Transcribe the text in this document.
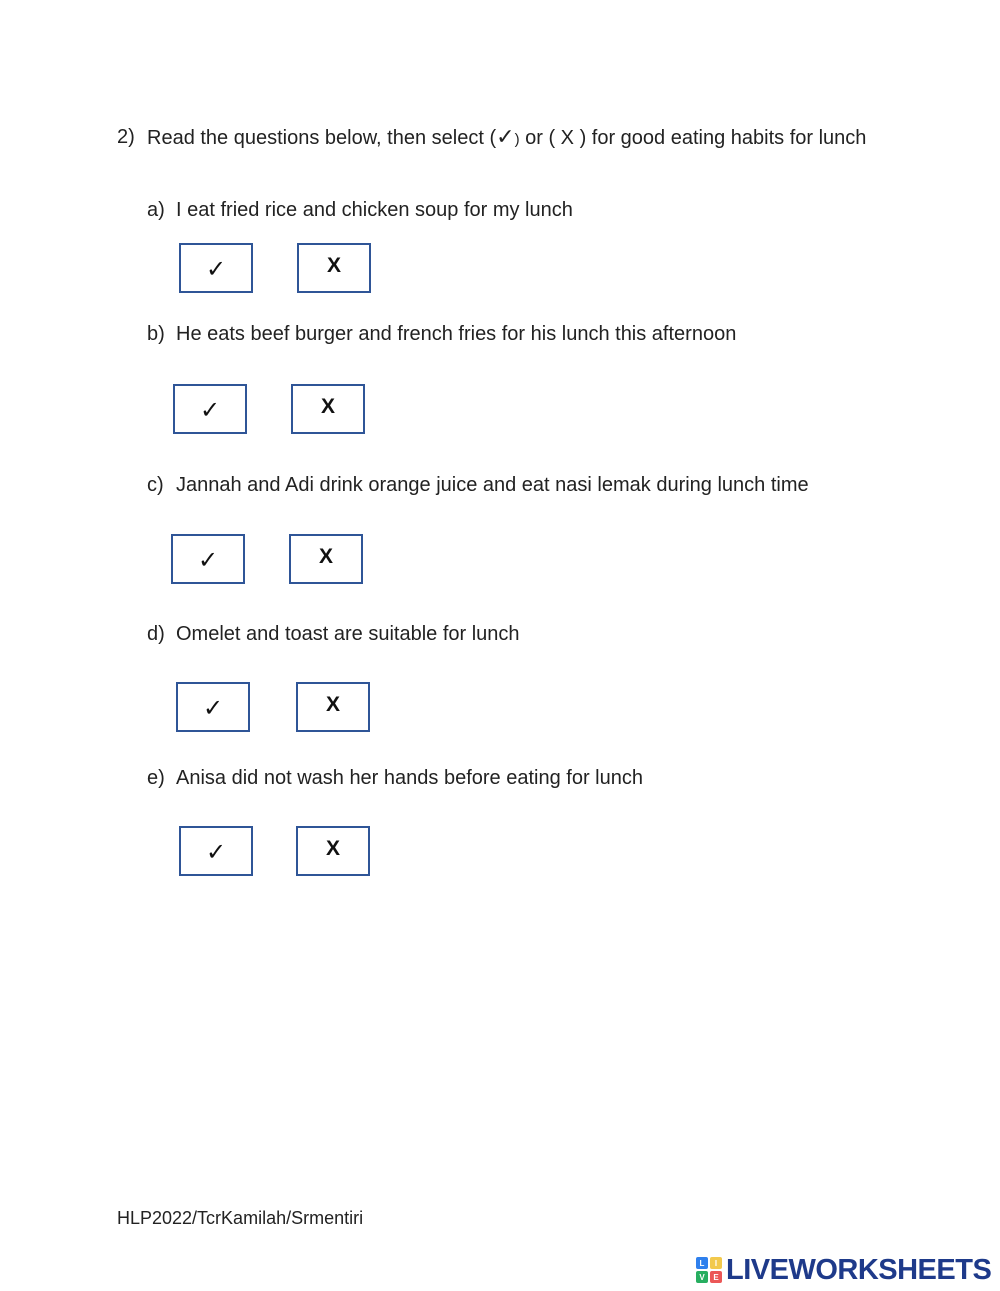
2) Read the questions below, then select (✓) or ( X ) for good eating habits for lunch
a) I eat fried rice and chicken soup for my lunch
✓	X
b) He eats beef burger and french fries for his lunch this afternoon
✓	X
c) Jannah and Adi drink orange juice and eat nasi lemak during lunch time
✓	X
d) Omelet and toast are suitable for lunch
✓	X
e) Anisa did not wash her hands before eating for lunch
✓	X
HLP2022/TcrKamilah/Srmentiri
L	I
V	E LIVEWORKSHEETS
